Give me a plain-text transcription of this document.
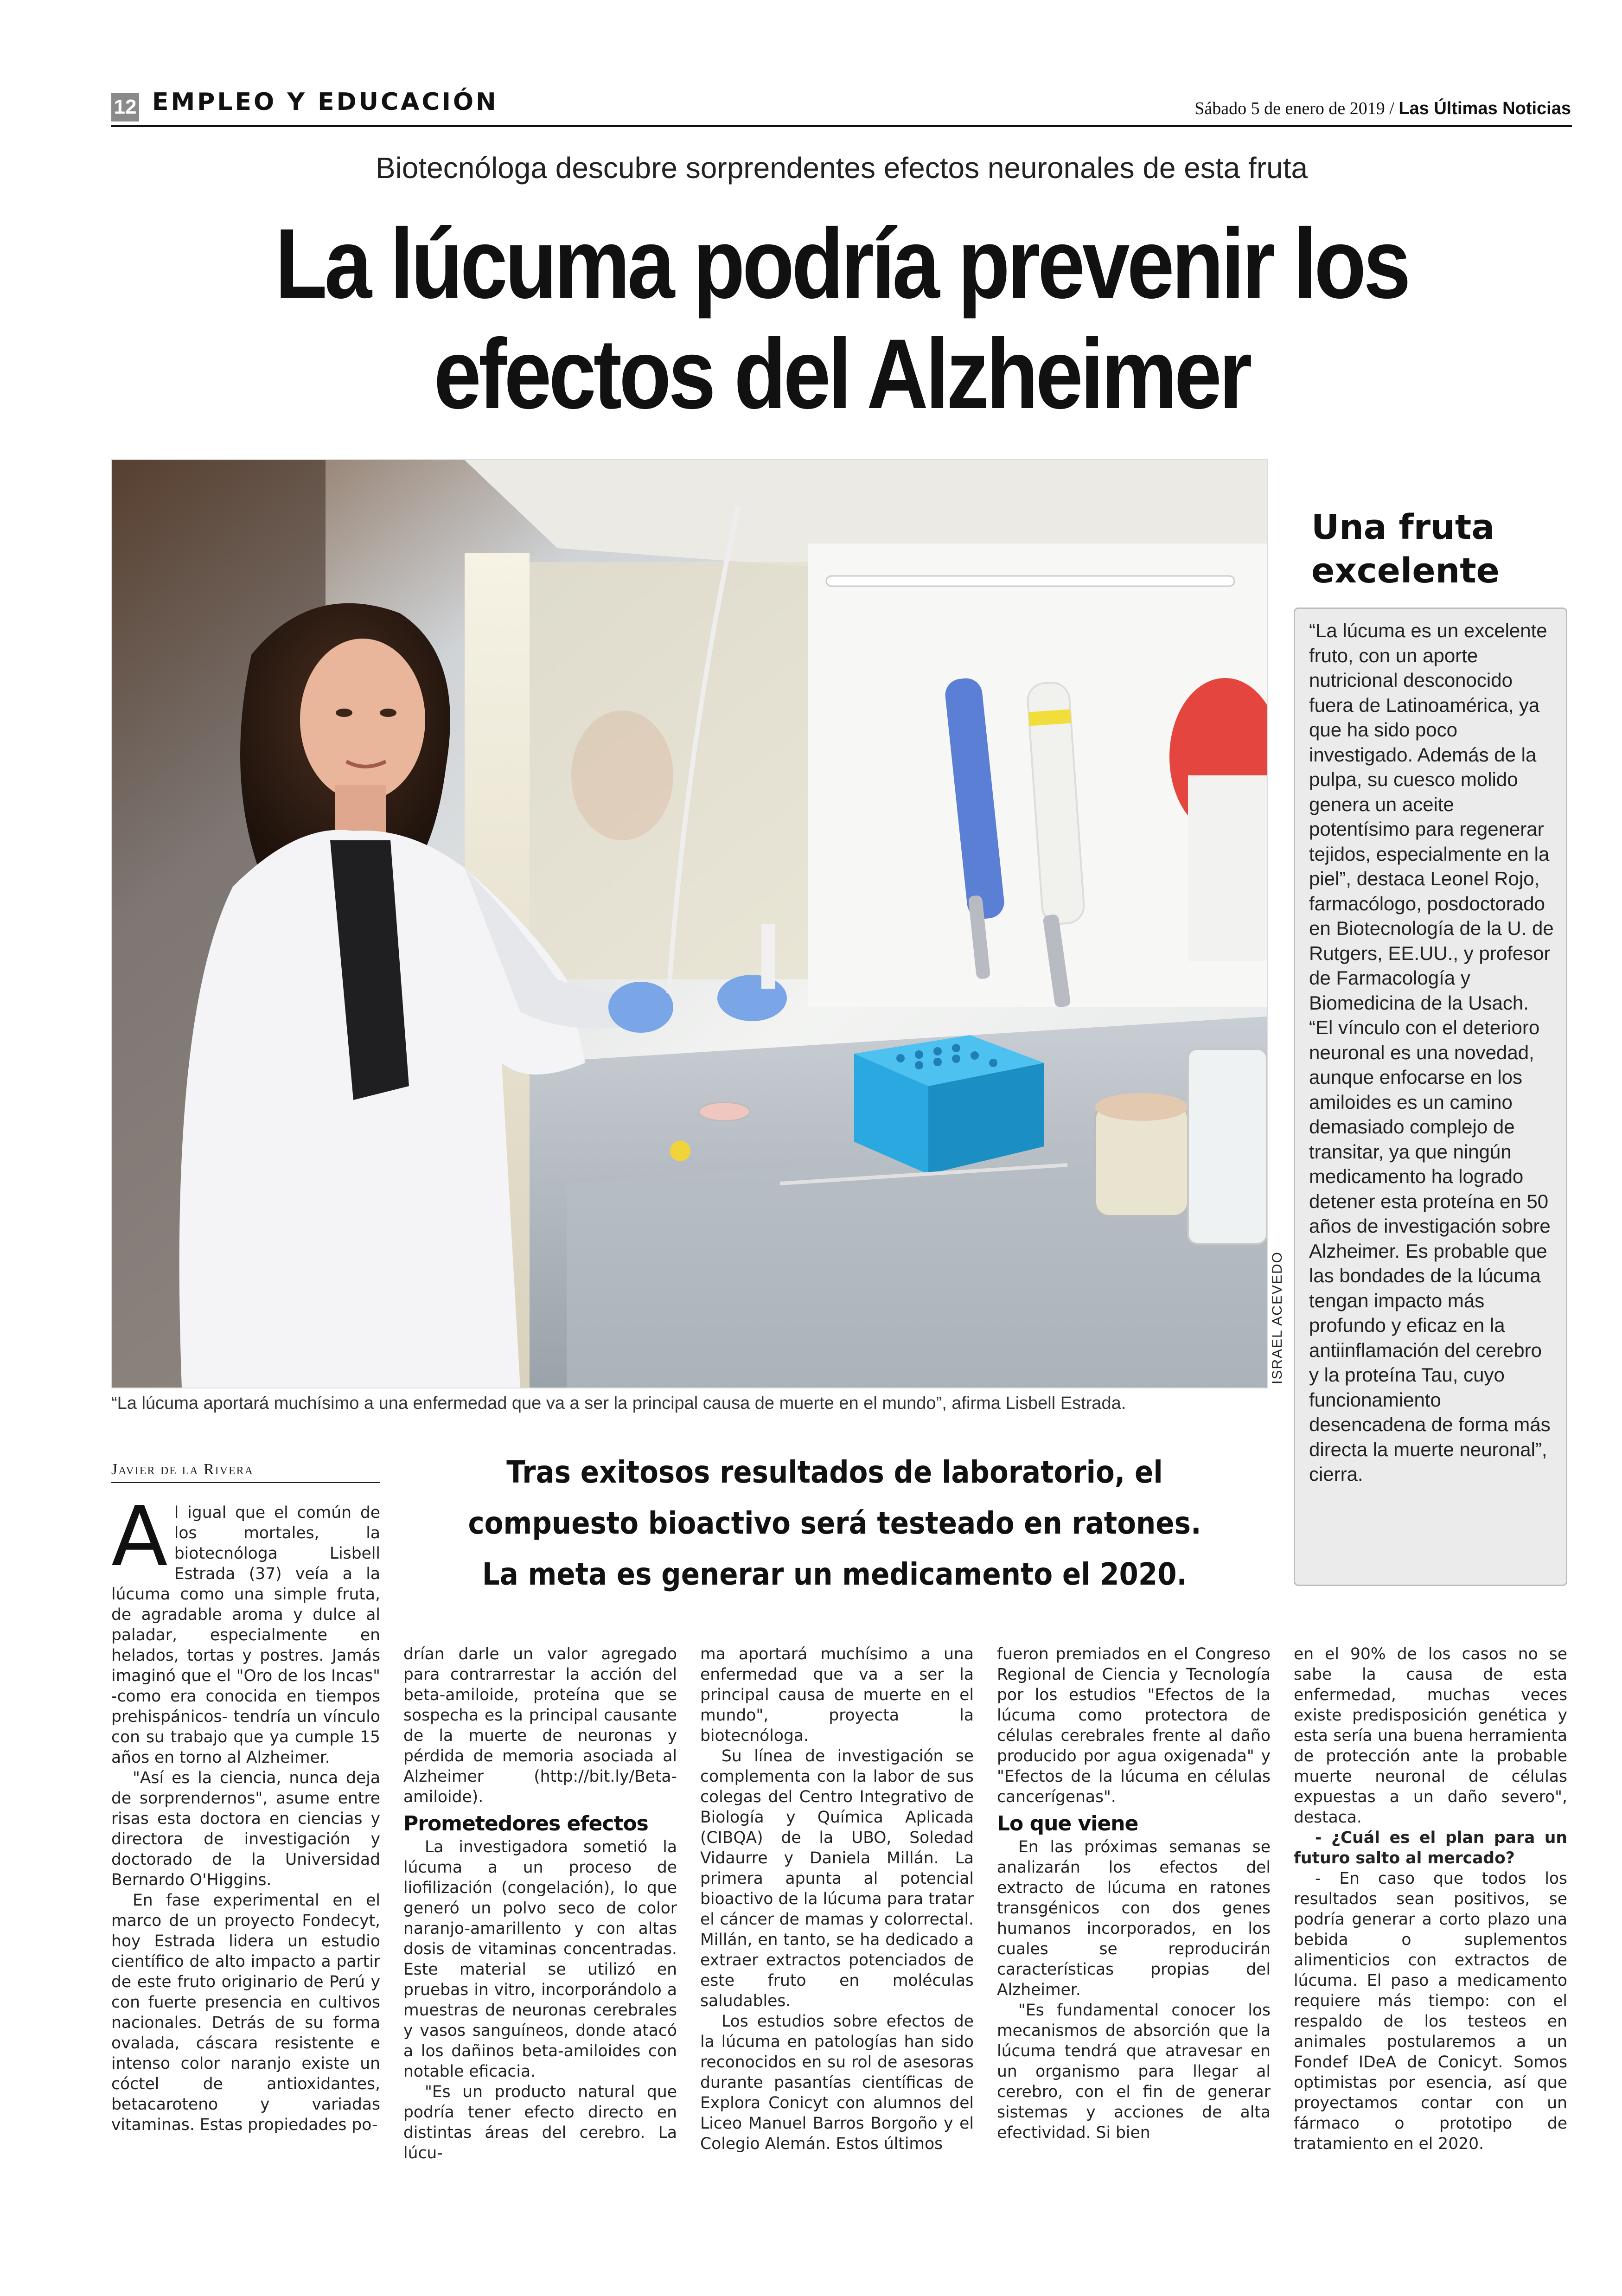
12 EMPLEO Y EDUCACIÓN	Sábado 5 de enero de 2019 / Las Últimas Noticias
Biotecnóloga descubre sorprendentes efectos neuronales de esta fruta
La lúcuma podría prevenir los
efectos del Alzheimer
ISRAEL ACEVEDO
“La lúcuma aportará muchísimo a una enfermedad que va a ser la principal causa de muerte en el mundo”, afirma Lisbell Estrada.
Una fruta excelente
“La lúcuma es un excelente fruto, con un aporte nutricional desconocido fuera de Latinoamérica, ya que ha sido poco investigado. Además de la pulpa, su cuesco molido genera un aceite potentísimo para regenerar tejidos, especialmente en la piel”, destaca Leonel Rojo, farmacólogo, posdoctorado en Biotecnología de la U. de Rutgers, EE.UU., y profesor de Farmacología y Biomedicina de la Usach. “El vínculo con el deterioro neuronal es una novedad, aunque enfocarse en los amiloides es un camino demasiado complejo de transitar, ya que ningún medicamento ha logrado detener esta proteína en 50 años de investigación sobre Alzheimer. Es probable que las bondades de la lúcuma tengan impacto más profundo y eficaz en la antiinflamación del cerebro y la proteína Tau, cuyo funcionamiento desencadena de forma más directa la muerte neuronal”, cierra.
Javier de la Rivera	Tras exitosos resultados de laboratorio, el compuesto bioactivo será testeado en ratones. La meta es generar un medicamento el 2020.
A l igual que el común de los mortales, la biotecnóloga Lisbell Estrada (37) veía a la lúcuma como una simple fruta, de agradable aroma y dulce al paladar, especialmente en helados, tortas y postres. Jamás imaginó que el "Oro de los Incas" -como era conocida en tiempos prehispánicos- tendría un vínculo con su trabajo que ya cumple 15 años en torno al Alzheimer.

"Así es la ciencia, nunca deja de sorprendernos", asume entre risas esta doctora en ciencias y directora de investigación y doctorado de la Universidad Bernardo O'Higgins.

En fase experimental en el marco de un proyecto Fondecyt, hoy Estrada lidera un estudio científico de alto impacto a partir de este fruto originario de Perú y con fuerte presencia en cultivos nacionales. Detrás de su forma ovalada, cáscara resistente e intenso color naranjo existe un cóctel de antioxidantes, betacaroteno y variadas vitaminas. Estas propiedades po-

drían darle un valor agregado para contrarrestar la acción del beta-amiloide, proteína que se sospecha es la principal causante de la muerte de neuronas y pérdida de memoria asociada al Alzheimer (http://bit.ly/Beta-amiloide).

Prometedores efectos

La investigadora sometió la lúcuma a un proceso de liofilización (congelación), lo que generó un polvo seco de color naranjo-amarillento y con altas dosis de vitaminas concentradas. Este material se utilizó en pruebas in vitro, incorporándolo a muestras de neuronas cerebrales y vasos sanguíneos, donde atacó a los dañinos beta-amiloides con notable eficacia.

"Es un producto natural que podría tener efecto directo en distintas áreas del cerebro. La lúcu-

ma aportará muchísimo a una enfermedad que va a ser la principal causa de muerte en el mundo", proyecta la biotecnóloga.

Su línea de investigación se complementa con la labor de sus colegas del Centro Integrativo de Biología y Química Aplicada (CIBQA) de la UBO, Soledad Vidaurre y Daniela Millán. La primera apunta al potencial bioactivo de la lúcuma para tratar el cáncer de mamas y colorrectal. Millán, en tanto, se ha dedicado a extraer extractos potenciados de este fruto en moléculas saludables.

Los estudios sobre efectos de la lúcuma en patologías han sido reconocidos en su rol de asesoras durante pasantías científicas de Explora Conicyt con alumnos del Liceo Manuel Barros Borgoño y el Colegio Alemán. Estos últimos

fueron premiados en el Congreso Regional de Ciencia y Tecnología por los estudios "Efectos de la lúcuma como protectora de células cerebrales frente al daño producido por agua oxigenada" y "Efectos de la lúcuma en células cancerígenas".

Lo que viene

En las próximas semanas se analizarán los efectos del extracto de lúcuma en ratones transgénicos con dos genes humanos incorporados, en los cuales se reproducirán características propias del Alzheimer.

"Es fundamental conocer los mecanismos de absorción que la lúcuma tendrá que atravesar en un organismo para llegar al cerebro, con el fin de generar sistemas y acciones de alta efectividad. Si bien

en el 90% de los casos no se sabe la causa de esta enfermedad, muchas veces existe predisposición genética y esta sería una buena herramienta de protección ante la probable muerte neuronal de células expuestas a un daño severo", destaca.

- ¿Cuál es el plan para un futuro salto al mercado?

- En caso que todos los resultados sean positivos, se podría generar a corto plazo una bebida o suplementos alimenticios con extractos de lúcuma. El paso a medicamento requiere más tiempo: con el respaldo de los testeos en animales postularemos a un Fondef IDeA de Conicyt. Somos optimistas por esencia, así que proyectamos contar con un fármaco o prototipo de tratamiento en el 2020.
